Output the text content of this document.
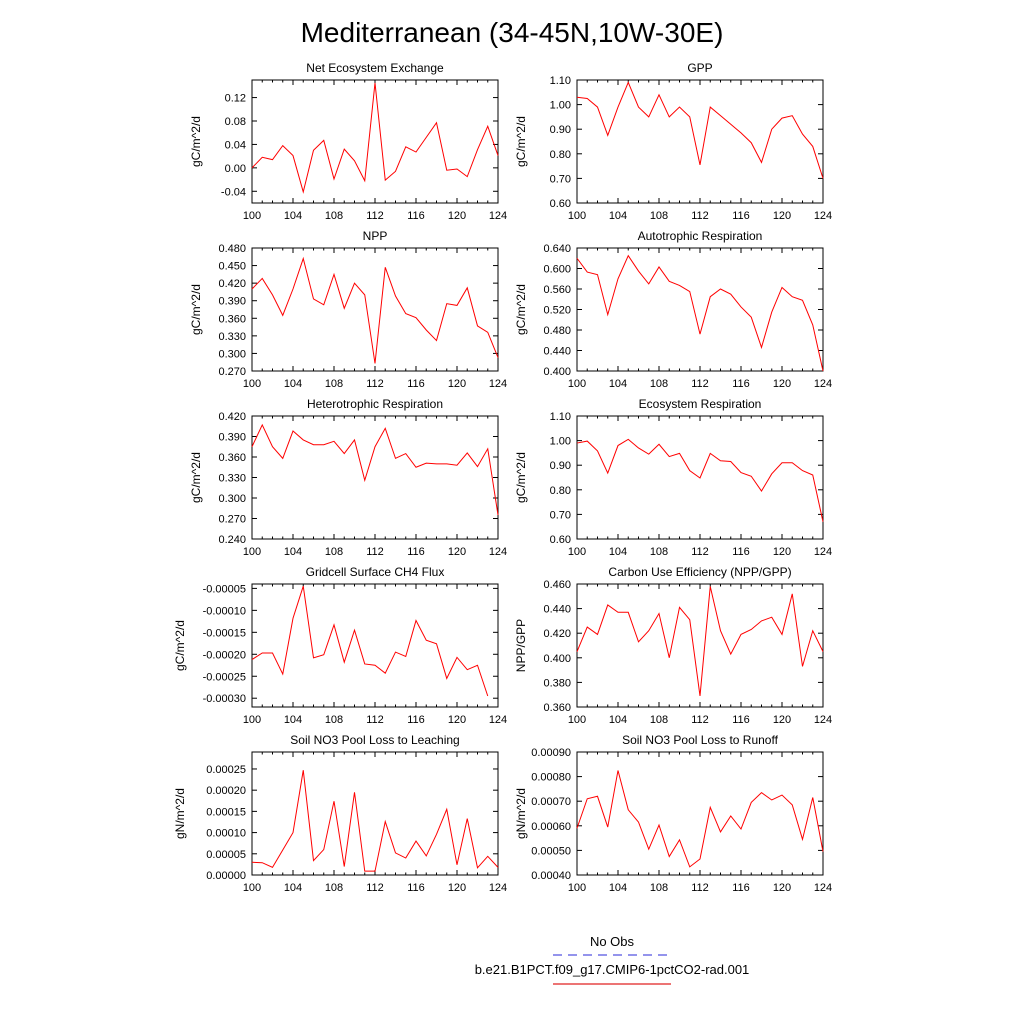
Mediterranean (34-45N,10W-30E)
Net Ecosystem Exchange
100 104 108 112 116 120 124
-0.04
0.00
0.04
0.08
0.12
gC/m^2/d
GPP
100 104 108 112 116 120 124
0.60
0.70
0.80
0.90
1.00
1.10
gC/m^2/d
NPP
100 104 108 112 116 120 124
0.270
0.300
0.330
0.360
0.390
0.420
0.450
0.480
gC/m^2/d
Autotrophic Respiration
100 104 108 112 116 120 124
0.400
0.440
0.480
0.520
0.560
0.600
0.640
gC/m^2/d
Heterotrophic Respiration
100 104 108 112 116 120 124
0.240
0.270
0.300
0.330
0.360
0.390
0.420
gC/m^2/d
Ecosystem Respiration
100 104 108 112 116 120 124
0.60
0.70
0.80
0.90
1.00
1.10
gC/m^2/d
Gridcell Surface CH4 Flux
100 104 108 112 116 120 124
-0.00030
-0.00025
-0.00020
-0.00015
-0.00010
-0.00005
gC/m^2/d
Carbon Use Efficiency (NPP/GPP)
100 104 108 112 116 120 124
0.360
0.380
0.400
0.420
0.440
0.460
NPP/GPP
Soil NO3 Pool Loss to Leaching
100 104 108 112 116 120 124
0.00000
0.00005
0.00010
0.00015
0.00020
0.00025
gN/m^2/d
Soil NO3 Pool Loss to Runoff
100 104 108 112 116 120 124
0.00040
0.00050
0.00060
0.00070
0.00080
0.00090
gN/m^2/d
No Obs
b.e21.B1PCT.f09_g17.CMIP6-1pctCO2-rad.001
